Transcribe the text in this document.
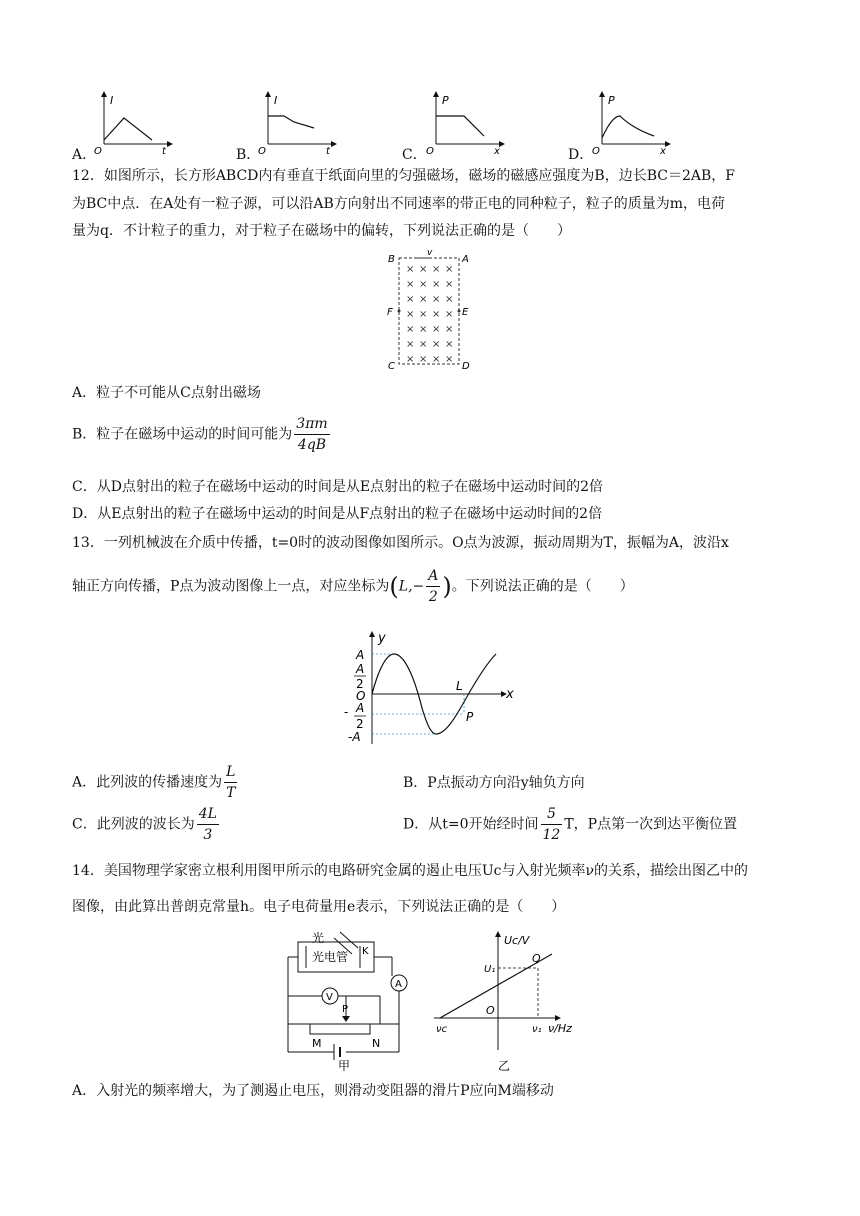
A．
I
O	t	B．
I
O	t	C．
P
O	x	D．
P
O	x
12．如图所示，长方形ABCD内有垂直于纸面向里的匀强磁场，磁场的磁感应强度为B，边长BC＝2AB，F
为BC中点．在A处有一粒子源，可以沿AB方向射出不同速率的带正电的同种粒子，粒子的质量为m，电荷
量为q．不计粒子的重力，对于粒子在磁场中的偏转，下列说法正确的是（　　）
× × × ×
× × × ×
× × × ×
× × × ×
× × × ×
× × × ×
× × × ×
v
B	A
F	E
C	D
A．粒子不可能从C点射出磁场
B．粒子在磁场中运动的时间可能为 $\frac{3\pi m}{4qB}$
C．从D点射出的粒子在磁场中运动的时间是从E点射出的粒子在磁场中运动时间的2倍
D．从E点射出的粒子在磁场中运动的时间是从F点射出的粒子在磁场中运动时间的2倍
13．一列机械波在介质中传播，t=0时的波动图像如图所示。O点为波源，振动周期为T，振幅为A，波沿x
轴正方向传播，P点为波动图像上一点，对应坐标为($L,- \frac{A}{2}$ )。下列说法正确的是（　　）
y
x
A
A
2
O
- A
2
-A
L
P
A．此列波的传播速度为 $\frac{L}{T}$	B．P点振动方向沿y轴负方向
C．此列波的波长为 $\frac{4L}{3}$	D．从t=0开始经时间 $\frac{5}{12}$ T，P点第一次到达平衡位置
14．美国物理学家密立根利用图甲所示的电路研究金属的遏止电压Uc与入射光频率ν的关系，描绘出图乙中的
图像，由此算出普朗克常量h。电子电荷量用e表示，下列说法正确的是（　　）
光
K
光电管
A
V
P
M	N
甲
Uc/V
U₁
Q
O
νc	ν₁ ν/Hz
乙
A．入射光的频率增大，为了测遏止电压，则滑动变阻器的滑片P应向M端移动
